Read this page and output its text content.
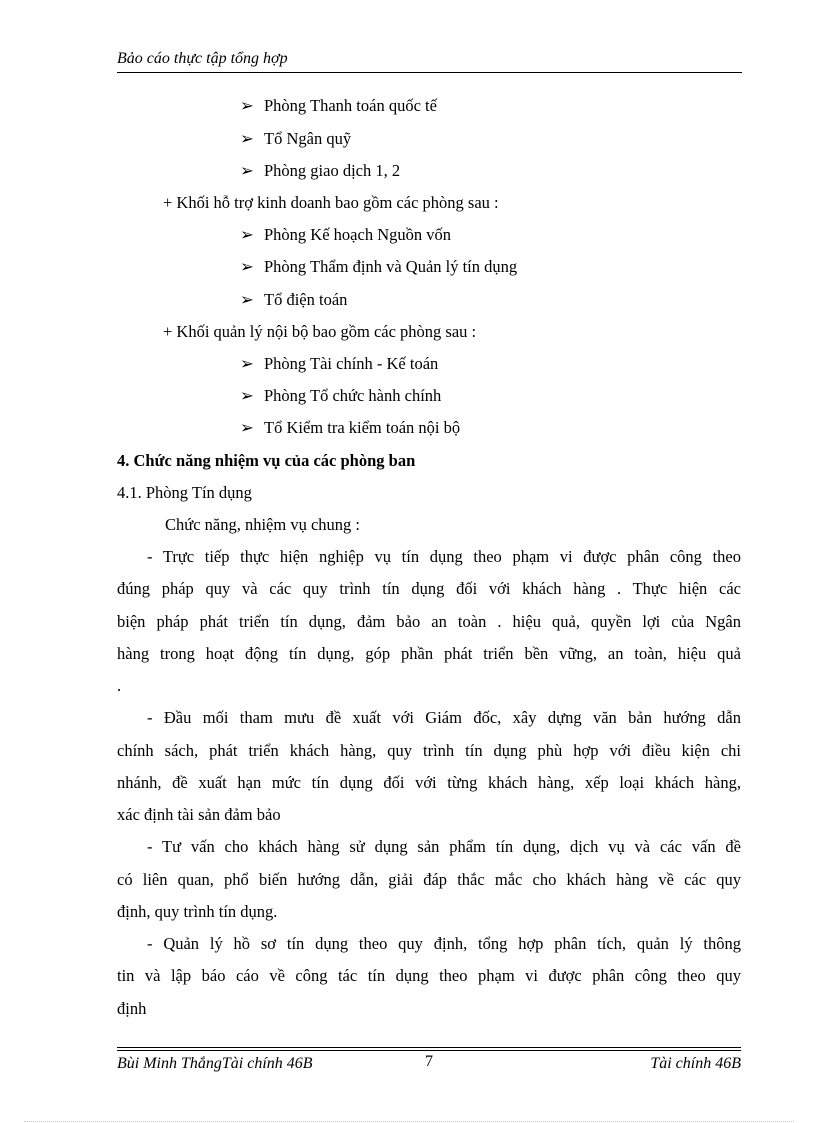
Bảo cáo thực tập tổng hợp
➢ Phòng Thanh toán quốc tế
➢ Tổ Ngân quỹ
➢ Phòng giao dịch 1, 2
+ Khối hỗ trợ kinh doanh bao gồm các phòng sau :
➢ Phòng Kế hoạch Nguồn vốn
➢ Phòng Thẩm định và Quản lý tín dụng
➢ Tổ điện toán
+ Khối quản lý nội bộ bao gồm các phòng sau :
➢ Phòng Tài chính - Kế toán
➢ Phòng Tổ chức hành chính
➢ Tổ Kiểm tra kiểm toán nội bộ
4. Chức năng nhiệm vụ của các phòng ban
4.1. Phòng Tín dụng
Chức năng, nhiệm vụ chung :
- Trực tiếp thực hiện nghiệp vụ tín dụng theo phạm vi được phân công theo
đúng pháp quy và các quy trình tín dụng đối với khách hàng . Thực hiện các
biện pháp phát triển tín dụng, đảm bảo an toàn . hiệu quả, quyền lợi của Ngân
hàng trong hoạt động tín dụng, góp phần phát triển bền vững, an toàn, hiệu quả
.
- Đầu mối tham mưu đề xuất với Giám đốc, xây dựng văn bản hướng dẫn
chính sách, phát triển khách hàng, quy trình tín dụng phù hợp với điều kiện chi
nhánh, đề xuất hạn mức tín dụng đối với từng khách hàng, xếp loại khách hàng,
xác định tài sản đảm bảo
- Tư vấn cho khách hàng sử dụng sản phẩm tín dụng, dịch vụ và các vấn đề
có liên quan, phổ biến hướng dẫn, giải đáp thắc mắc cho khách hàng về các quy
định, quy trình tín dụng.
- Quản lý hồ sơ tín dụng theo quy định, tổng hợp phân tích, quản lý thông
tin và lập báo cáo về công tác tín dụng theo phạm vi được phân công theo quy
định
Bùi Minh ThắngTài chính 46B	7	Tài chính 46B
